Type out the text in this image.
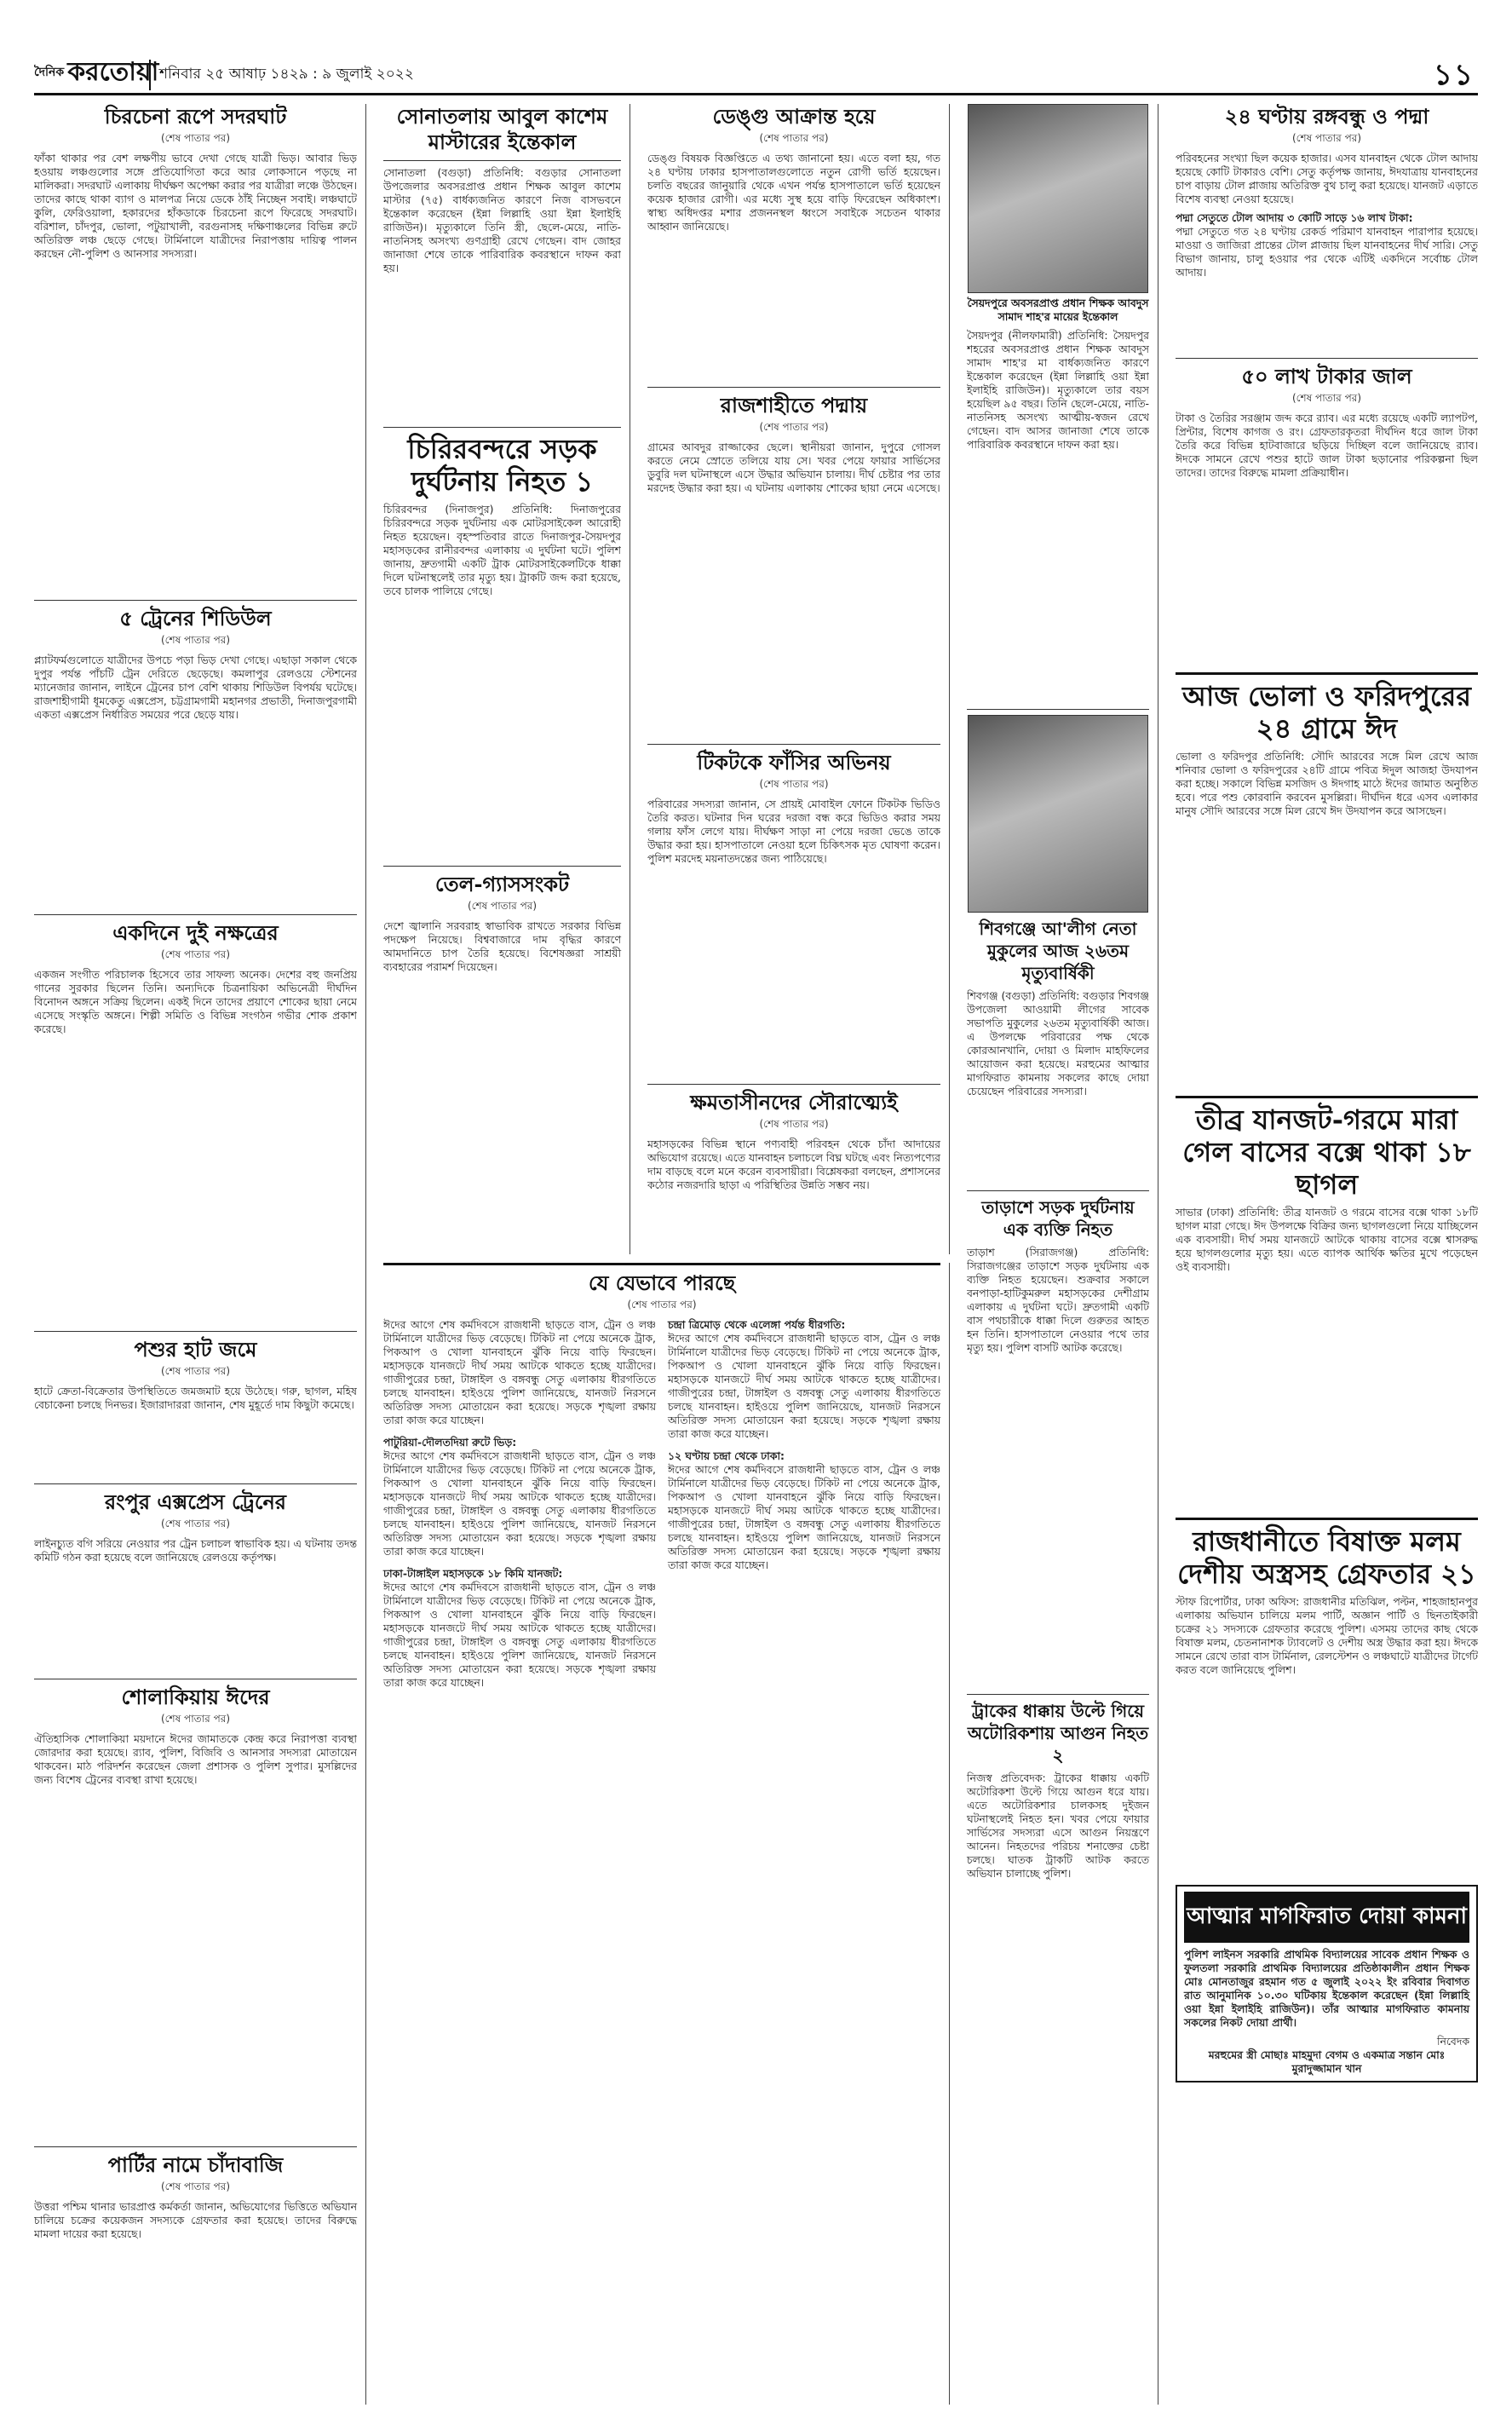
$^{দৈনিক}$ করতোয়া শনিবার ২৫ আষাঢ় ১৪২৯ : ৯ জুলাই ২০২২	১১
চিরচেনা রূপে সদরঘাট
(শেষ পাতার পর)
ফাঁকা থাকার পর বেশ লক্ষণীয় ভাবে দেখা গেছে যাত্রী ভিড়। আবার ভিড় হওয়ায় লঞ্চগুলোর সঙ্গে প্রতিযোগিতা করে আর লোকসানে পড়ছে না মালিকরা। সদরঘাট এলাকায় দীর্ঘক্ষণ অপেক্ষা করার পর যাত্রীরা লঞ্চে উঠছেন। তাদের কাছে থাকা ব্যাগ ও মালপত্র নিয়ে ডেকে ঠাঁই নিচ্ছেন সবাই। লঞ্চঘাটে কুলি, ফেরিওয়ালা, হকারদের হাঁকডাকে চিরচেনা রূপে ফিরেছে সদরঘাট। বরিশাল, চাঁদপুর, ভোলা, পটুয়াখালী, বরগুনাসহ দক্ষিণাঞ্চলের বিভিন্ন রুটে অতিরিক্ত লঞ্চ ছেড়ে গেছে। টার্মিনালে যাত্রীদের নিরাপত্তায় দায়িত্ব পালন করছেন নৌ-পুলিশ ও আনসার সদস্যরা।
৫ ট্রেনের শিডিউল
(শেষ পাতার পর)
প্ল্যাটফর্মগুলোতে যাত্রীদের উপচে পড়া ভিড় দেখা গেছে। এছাড়া সকাল থেকে দুপুর পর্যন্ত পাঁচটি ট্রেন দেরিতে ছেড়েছে। কমলাপুর রেলওয়ে স্টেশনের ম্যানেজার জানান, লাইনে ট্রেনের চাপ বেশি থাকায় শিডিউল বিপর্যয় ঘটেছে। রাজশাহীগামী ধূমকেতু এক্সপ্রেস, চট্টগ্রামগামী মহানগর প্রভাতী, দিনাজপুরগামী একতা এক্সপ্রেস নির্ধারিত সময়ের পরে ছেড়ে যায়।
একদিনে দুই নক্ষত্রের
(শেষ পাতার পর)
একজন সংগীত পরিচালক হিসেবে তার সাফল্য অনেক। দেশের বহু জনপ্রিয় গানের সুরকার ছিলেন তিনি। অন্যদিকে চিত্রনায়িকা অভিনেত্রী দীর্ঘদিন বিনোদন অঙ্গনে সক্রিয় ছিলেন। একই দিনে তাদের প্রয়াণে শোকের ছায়া নেমে এসেছে সংস্কৃতি অঙ্গনে। শিল্পী সমিতি ও বিভিন্ন সংগঠন গভীর শোক প্রকাশ করেছে।
পশুর হাট জমে
(শেষ পাতার পর)
হাটে ক্রেতা-বিক্রেতার উপস্থিতিতে জমজমাট হয়ে উঠেছে। গরু, ছাগল, মহিষ বেচাকেনা চলছে দিনভর। ইজারাদাররা জানান, শেষ মুহূর্তে দাম কিছুটা কমেছে।
রংপুর এক্সপ্রেস ট্রেনের
(শেষ পাতার পর)
লাইনচ্যুত বগি সরিয়ে নেওয়ার পর ট্রেন চলাচল স্বাভাবিক হয়। এ ঘটনায় তদন্ত কমিটি গঠন করা হয়েছে বলে জানিয়েছে রেলওয়ে কর্তৃপক্ষ।
শোলাকিয়ায় ঈদের
(শেষ পাতার পর)
ঐতিহাসিক শোলাকিয়া ময়দানে ঈদের জামাতকে কেন্দ্র করে নিরাপত্তা ব্যবস্থা জোরদার করা হয়েছে। র‍্যাব, পুলিশ, বিজিবি ও আনসার সদস্যরা মোতায়েন থাকবেন। মাঠ পরিদর্শন করেছেন জেলা প্রশাসক ও পুলিশ সুপার। মুসল্লিদের জন্য বিশেষ ট্রেনের ব্যবস্থা রাখা হয়েছে।
পার্টির নামে চাঁদাবাজি
(শেষ পাতার পর)
উত্তরা পশ্চিম থানার ভারপ্রাপ্ত কর্মকর্তা জানান, অভিযোগের ভিত্তিতে অভিযান চালিয়ে চক্রের কয়েকজন সদস্যকে গ্রেফতার করা হয়েছে। তাদের বিরুদ্ধে মামলা দায়ের করা হয়েছে।
সোনাতলায় আবুল কাশেম মাস্টারের ইন্তেকাল
সোনাতলা (বগুড়া) প্রতিনিধি: বগুড়ার সোনাতলা উপজেলার অবসরপ্রাপ্ত প্রধান শিক্ষক আবুল কাশেম মাস্টার (৭৫) বার্ধক্যজনিত কারণে নিজ বাসভবনে ইন্তেকাল করেছেন (ইন্না লিল্লাহি ওয়া ইন্না ইলাইহি রাজিউন)। মৃত্যুকালে তিনি স্ত্রী, ছেলে-মেয়ে, নাতি-নাতনিসহ অসংখ্য গুণগ্রাহী রেখে গেছেন। বাদ জোহর জানাজা শেষে তাকে পারিবারিক কবরস্থানে দাফন করা হয়।
চিরিরবন্দরে সড়ক দুর্ঘটনায় নিহত ১
চিরিরবন্দর (দিনাজপুর) প্রতিনিধি: দিনাজপুরের চিরিরবন্দরে সড়ক দুর্ঘটনায় এক মোটরসাইকেল আরোহী নিহত হয়েছেন। বৃহস্পতিবার রাতে দিনাজপুর-সৈয়দপুর মহাসড়কের রানীরবন্দর এলাকায় এ দুর্ঘটনা ঘটে। পুলিশ জানায়, দ্রুতগামী একটি ট্রাক মোটরসাইকেলটিকে ধাক্কা দিলে ঘটনাস্থলেই তার মৃত্যু হয়। ট্রাকটি জব্দ করা হয়েছে, তবে চালক পালিয়ে গেছে।
তেল-গ্যাসসংকট
(শেষ পাতার পর)
দেশে জ্বালানি সরবরাহ স্বাভাবিক রাখতে সরকার বিভিন্ন পদক্ষেপ নিয়েছে। বিশ্ববাজারে দাম বৃদ্ধির কারণে আমদানিতে চাপ তৈরি হয়েছে। বিশেষজ্ঞরা সাশ্রয়ী ব্যবহারের পরামর্শ দিয়েছেন।
ডেঙ্গু আক্রান্ত হয়ে
(শেষ পাতার পর)
ডেঙ্গু বিষয়ক বিজ্ঞপ্তিতে এ তথ্য জানানো হয়। এতে বলা হয়, গত ২৪ ঘণ্টায় ঢাকার হাসপাতালগুলোতে নতুন রোগী ভর্তি হয়েছেন। চলতি বছরের জানুয়ারি থেকে এখন পর্যন্ত হাসপাতালে ভর্তি হয়েছেন কয়েক হাজার রোগী। এর মধ্যে সুস্থ হয়ে বাড়ি ফিরেছেন অধিকাংশ। স্বাস্থ্য অধিদপ্তর মশার প্রজননস্থল ধ্বংসে সবাইকে সচেতন থাকার আহ্বান জানিয়েছে।
রাজশাহীতে পদ্মায়
(শেষ পাতার পর)
গ্রামের আবদুর রাজ্জাকের ছেলে। স্থানীয়রা জানান, দুপুরে গোসল করতে নেমে স্রোতে তলিয়ে যায় সে। খবর পেয়ে ফায়ার সার্ভিসের ডুবুরি দল ঘটনাস্থলে এসে উদ্ধার অভিযান চালায়। দীর্ঘ চেষ্টার পর তার মরদেহ উদ্ধার করা হয়। এ ঘটনায় এলাকায় শোকের ছায়া নেমে এসেছে।
টিকটকে ফাঁসির অভিনয়
(শেষ পাতার পর)
পরিবারের সদস্যরা জানান, সে প্রায়ই মোবাইল ফোনে টিকটক ভিডিও তৈরি করত। ঘটনার দিন ঘরের দরজা বন্ধ করে ভিডিও করার সময় গলায় ফাঁস লেগে যায়। দীর্ঘক্ষণ সাড়া না পেয়ে দরজা ভেঙে তাকে উদ্ধার করা হয়। হাসপাতালে নেওয়া হলে চিকিৎসক মৃত ঘোষণা করেন। পুলিশ মরদেহ ময়নাতদন্তের জন্য পাঠিয়েছে।
ক্ষমতাসীনদের সৌরাত্ম্যেই
(শেষ পাতার পর)
মহাসড়কের বিভিন্ন স্থানে পণ্যবাহী পরিবহন থেকে চাঁদা আদায়ের অভিযোগ রয়েছে। এতে যানবাহন চলাচলে বিঘ্ন ঘটছে এবং নিত্যপণ্যের দাম বাড়ছে বলে মনে করেন ব্যবসায়ীরা। বিশ্লেষকরা বলছেন, প্রশাসনের কঠোর নজরদারি ছাড়া এ পরিস্থিতির উন্নতি সম্ভব নয়।
সৈয়দপুরে অবসরপ্রাপ্ত প্রধান শিক্ষক আবদুস সামাদ শাহ'র মায়ের ইন্তেকাল
সৈয়দপুর (নীলফামারী) প্রতিনিধি: সৈয়দপুর শহরের অবসরপ্রাপ্ত প্রধান শিক্ষক আবদুস সামাদ শাহ'র মা বার্ধক্যজনিত কারণে ইন্তেকাল করেছেন (ইন্না লিল্লাহি ওয়া ইন্না ইলাইহি রাজিউন)। মৃত্যুকালে তার বয়স হয়েছিল ৯৫ বছর। তিনি ছেলে-মেয়ে, নাতি-নাতনিসহ অসংখ্য আত্মীয়-স্বজন রেখে গেছেন। বাদ আসর জানাজা শেষে তাকে পারিবারিক কবরস্থানে দাফন করা হয়।
শিবগঞ্জে আ'লীগ নেতা মুকুলের আজ ২৬তম মৃত্যুবার্ষিকী
শিবগঞ্জ (বগুড়া) প্রতিনিধি: বগুড়ার শিবগঞ্জ উপজেলা আওয়ামী লীগের সাবেক সভাপতি মুকুলের ২৬তম মৃত্যুবার্ষিকী আজ। এ উপলক্ষে পরিবারের পক্ষ থেকে কোরআনখানি, দোয়া ও মিলাদ মাহফিলের আয়োজন করা হয়েছে। মরহুমের আত্মার মাগফিরাত কামনায় সকলের কাছে দোয়া চেয়েছেন পরিবারের সদস্যরা।
তাড়াশে সড়ক দুর্ঘটনায় এক ব্যক্তি নিহত
তাড়াশ (সিরাজগঞ্জ) প্রতিনিধি: সিরাজগঞ্জের তাড়াশে সড়ক দুর্ঘটনায় এক ব্যক্তি নিহত হয়েছেন। শুক্রবার সকালে বনপাড়া-হাটিকুমরুল মহাসড়কের দেশীগ্রাম এলাকায় এ দুর্ঘটনা ঘটে। দ্রুতগামী একটি বাস পথচারীকে ধাক্কা দিলে গুরুতর আহত হন তিনি। হাসপাতালে নেওয়ার পথে তার মৃত্যু হয়। পুলিশ বাসটি আটক করেছে।
ট্রাকের ধাক্কায় উল্টে গিয়ে অটোরিকশায় আগুন নিহত ২
নিজস্ব প্রতিবেদক: ট্রাকের ধাক্কায় একটি অটোরিকশা উল্টে গিয়ে আগুন ধরে যায়। এতে অটোরিকশার চালকসহ দুইজন ঘটনাস্থলেই নিহত হন। খবর পেয়ে ফায়ার সার্ভিসের সদস্যরা এসে আগুন নিয়ন্ত্রণে আনেন। নিহতদের পরিচয় শনাক্তের চেষ্টা চলছে। ঘাতক ট্রাকটি আটক করতে অভিযান চালাচ্ছে পুলিশ।
যে যেভাবে পারছে
(শেষ পাতার পর)
ঈদের আগে শেষ কর্মদিবসে রাজধানী ছাড়তে বাস, ট্রেন ও লঞ্চ টার্মিনালে যাত্রীদের ভিড় বেড়েছে। টিকিট না পেয়ে অনেকে ট্রাক, পিকআপ ও খোলা যানবাহনে ঝুঁকি নিয়ে বাড়ি ফিরছেন। মহাসড়কে যানজটে দীর্ঘ সময় আটকে থাকতে হচ্ছে যাত্রীদের। গাজীপুরের চন্দ্রা, টাঙ্গাইল ও বঙ্গবন্ধু সেতু এলাকায় ধীরগতিতে চলছে যানবাহন। হাইওয়ে পুলিশ জানিয়েছে, যানজট নিরসনে অতিরিক্ত সদস্য মোতায়েন করা হয়েছে। সড়কে শৃঙ্খলা রক্ষায় তারা কাজ করে যাচ্ছেন।
পাটুরিয়া-দৌলতদিয়া রুটে ভিড়:
ঈদের আগে শেষ কর্মদিবসে রাজধানী ছাড়তে বাস, ট্রেন ও লঞ্চ টার্মিনালে যাত্রীদের ভিড় বেড়েছে। টিকিট না পেয়ে অনেকে ট্রাক, পিকআপ ও খোলা যানবাহনে ঝুঁকি নিয়ে বাড়ি ফিরছেন। মহাসড়কে যানজটে দীর্ঘ সময় আটকে থাকতে হচ্ছে যাত্রীদের। গাজীপুরের চন্দ্রা, টাঙ্গাইল ও বঙ্গবন্ধু সেতু এলাকায় ধীরগতিতে চলছে যানবাহন। হাইওয়ে পুলিশ জানিয়েছে, যানজট নিরসনে অতিরিক্ত সদস্য মোতায়েন করা হয়েছে। সড়কে শৃঙ্খলা রক্ষায় তারা কাজ করে যাচ্ছেন।
ঢাকা-টাঙ্গাইল মহাসড়কে ১৮ কিমি যানজট:
ঈদের আগে শেষ কর্মদিবসে রাজধানী ছাড়তে বাস, ট্রেন ও লঞ্চ টার্মিনালে যাত্রীদের ভিড় বেড়েছে। টিকিট না পেয়ে অনেকে ট্রাক, পিকআপ ও খোলা যানবাহনে ঝুঁকি নিয়ে বাড়ি ফিরছেন। মহাসড়কে যানজটে দীর্ঘ সময় আটকে থাকতে হচ্ছে যাত্রীদের। গাজীপুরের চন্দ্রা, টাঙ্গাইল ও বঙ্গবন্ধু সেতু এলাকায় ধীরগতিতে চলছে যানবাহন। হাইওয়ে পুলিশ জানিয়েছে, যানজট নিরসনে অতিরিক্ত সদস্য মোতায়েন করা হয়েছে। সড়কে শৃঙ্খলা রক্ষায় তারা কাজ করে যাচ্ছেন।
চন্দ্রা ত্রিমোড় থেকে এলেঙ্গা পর্যন্ত ধীরগতি:
ঈদের আগে শেষ কর্মদিবসে রাজধানী ছাড়তে বাস, ট্রেন ও লঞ্চ টার্মিনালে যাত্রীদের ভিড় বেড়েছে। টিকিট না পেয়ে অনেকে ট্রাক, পিকআপ ও খোলা যানবাহনে ঝুঁকি নিয়ে বাড়ি ফিরছেন। মহাসড়কে যানজটে দীর্ঘ সময় আটকে থাকতে হচ্ছে যাত্রীদের। গাজীপুরের চন্দ্রা, টাঙ্গাইল ও বঙ্গবন্ধু সেতু এলাকায় ধীরগতিতে চলছে যানবাহন। হাইওয়ে পুলিশ জানিয়েছে, যানজট নিরসনে অতিরিক্ত সদস্য মোতায়েন করা হয়েছে। সড়কে শৃঙ্খলা রক্ষায় তারা কাজ করে যাচ্ছেন।
১২ ঘণ্টায় চন্দ্রা থেকে ঢাকা:
ঈদের আগে শেষ কর্মদিবসে রাজধানী ছাড়তে বাস, ট্রেন ও লঞ্চ টার্মিনালে যাত্রীদের ভিড় বেড়েছে। টিকিট না পেয়ে অনেকে ট্রাক, পিকআপ ও খোলা যানবাহনে ঝুঁকি নিয়ে বাড়ি ফিরছেন। মহাসড়কে যানজটে দীর্ঘ সময় আটকে থাকতে হচ্ছে যাত্রীদের। গাজীপুরের চন্দ্রা, টাঙ্গাইল ও বঙ্গবন্ধু সেতু এলাকায় ধীরগতিতে চলছে যানবাহন। হাইওয়ে পুলিশ জানিয়েছে, যানজট নিরসনে অতিরিক্ত সদস্য মোতায়েন করা হয়েছে। সড়কে শৃঙ্খলা রক্ষায় তারা কাজ করে যাচ্ছেন।
২৪ ঘণ্টায় রঙ্গবন্ধু ও পদ্মা
(শেষ পাতার পর)
পরিবহনের সংখ্যা ছিল কয়েক হাজার। এসব যানবাহন থেকে টোল আদায় হয়েছে কোটি টাকারও বেশি। সেতু কর্তৃপক্ষ জানায়, ঈদযাত্রায় যানবাহনের চাপ বাড়ায় টোল প্লাজায় অতিরিক্ত বুথ চালু করা হয়েছে। যানজট এড়াতে বিশেষ ব্যবস্থা নেওয়া হয়েছে।
পদ্মা সেতুতে টোল আদায় ৩ কোটি সাড়ে ১৬ লাখ টাকা:
পদ্মা সেতুতে গত ২৪ ঘণ্টায় রেকর্ড পরিমাণ যানবাহন পারাপার হয়েছে। মাওয়া ও জাজিরা প্রান্তের টোল প্লাজায় ছিল যানবাহনের দীর্ঘ সারি। সেতু বিভাগ জানায়, চালু হওয়ার পর থেকে এটিই একদিনে সর্বোচ্চ টোল আদায়।
৫০ লাখ টাকার জাল
(শেষ পাতার পর)
টাকা ও তৈরির সরঞ্জাম জব্দ করে র‍্যাব। এর মধ্যে রয়েছে একটি ল্যাপটপ, প্রিন্টার, বিশেষ কাগজ ও রং। গ্রেফতারকৃতরা দীর্ঘদিন ধরে জাল টাকা তৈরি করে বিভিন্ন হাটবাজারে ছড়িয়ে দিচ্ছিল বলে জানিয়েছে র‍্যাব। ঈদকে সামনে রেখে পশুর হাটে জাল টাকা ছড়ানোর পরিকল্পনা ছিল তাদের। তাদের বিরুদ্ধে মামলা প্রক্রিয়াধীন।
আজ ভোলা ও ফরিদপুরের ২৪ গ্রামে ঈদ
ভোলা ও ফরিদপুর প্রতিনিধি: সৌদি আরবের সঙ্গে মিল রেখে আজ শনিবার ভোলা ও ফরিদপুরের ২৪টি গ্রামে পবিত্র ঈদুল আজহা উদযাপন করা হচ্ছে। সকালে বিভিন্ন মসজিদ ও ঈদগাহ মাঠে ঈদের জামাত অনুষ্ঠিত হবে। পরে পশু কোরবানি করবেন মুসল্লিরা। দীর্ঘদিন ধরে এসব এলাকার মানুষ সৌদি আরবের সঙ্গে মিল রেখে ঈদ উদযাপন করে আসছেন।
তীব্র যানজট-গরমে মারা গেল বাসের বক্সে থাকা ১৮ ছাগল
সাভার (ঢাকা) প্রতিনিধি: তীব্র যানজট ও গরমে বাসের বক্সে থাকা ১৮টি ছাগল মারা গেছে। ঈদ উপলক্ষে বিক্রির জন্য ছাগলগুলো নিয়ে যাচ্ছিলেন এক ব্যবসায়ী। দীর্ঘ সময় যানজটে আটকে থাকায় বাসের বক্সে শ্বাসরুদ্ধ হয়ে ছাগলগুলোর মৃত্যু হয়। এতে ব্যাপক আর্থিক ক্ষতির মুখে পড়েছেন ওই ব্যবসায়ী।
রাজধানীতে বিষাক্ত মলম দেশীয় অস্ত্রসহ গ্রেফতার ২১
স্টাফ রিপোর্টার, ঢাকা অফিস: রাজধানীর মতিঝিল, পল্টন, শাহজাহানপুর এলাকায় অভিযান চালিয়ে মলম পার্টি, অজ্ঞান পার্টি ও ছিনতাইকারী চক্রের ২১ সদস্যকে গ্রেফতার করেছে পুলিশ। এসময় তাদের কাছ থেকে বিষাক্ত মলম, চেতনানাশক ট্যাবলেট ও দেশীয় অস্ত্র উদ্ধার করা হয়। ঈদকে সামনে রেখে তারা বাস টার্মিনাল, রেলস্টেশন ও লঞ্চঘাটে যাত্রীদের টার্গেট করত বলে জানিয়েছে পুলিশ।
আত্মার মাগফিরাত দোয়া কামনা
পুলিশ লাইনস সরকারি প্রাথমিক বিদ্যালয়ের সাবেক প্রধান শিক্ষক ও ফুলতলা সরকারি প্রাথমিক বিদ্যালয়ের প্রতিষ্ঠাকালীন প্রধান শিক্ষক মোঃ মোনতাজুর রহমান গত ৫ জুলাই ২০২২ ইং রবিবার দিবাগত রাত আনুমানিক ১০.৩০ ঘটিকায় ইন্তেকাল করেছেন (ইন্না লিল্লাহি ওয়া ইন্না ইলাইহি রাজিউন)। তাঁর আত্মার মাগফিরাত কামনায় সকলের নিকট দোয়া প্রার্থী।
নিবেদক
মরহুমের স্ত্রী মোছাঃ মাহমুদা বেগম ও একমাত্র সন্তান মোঃ মুরাদুজ্জামান খান
